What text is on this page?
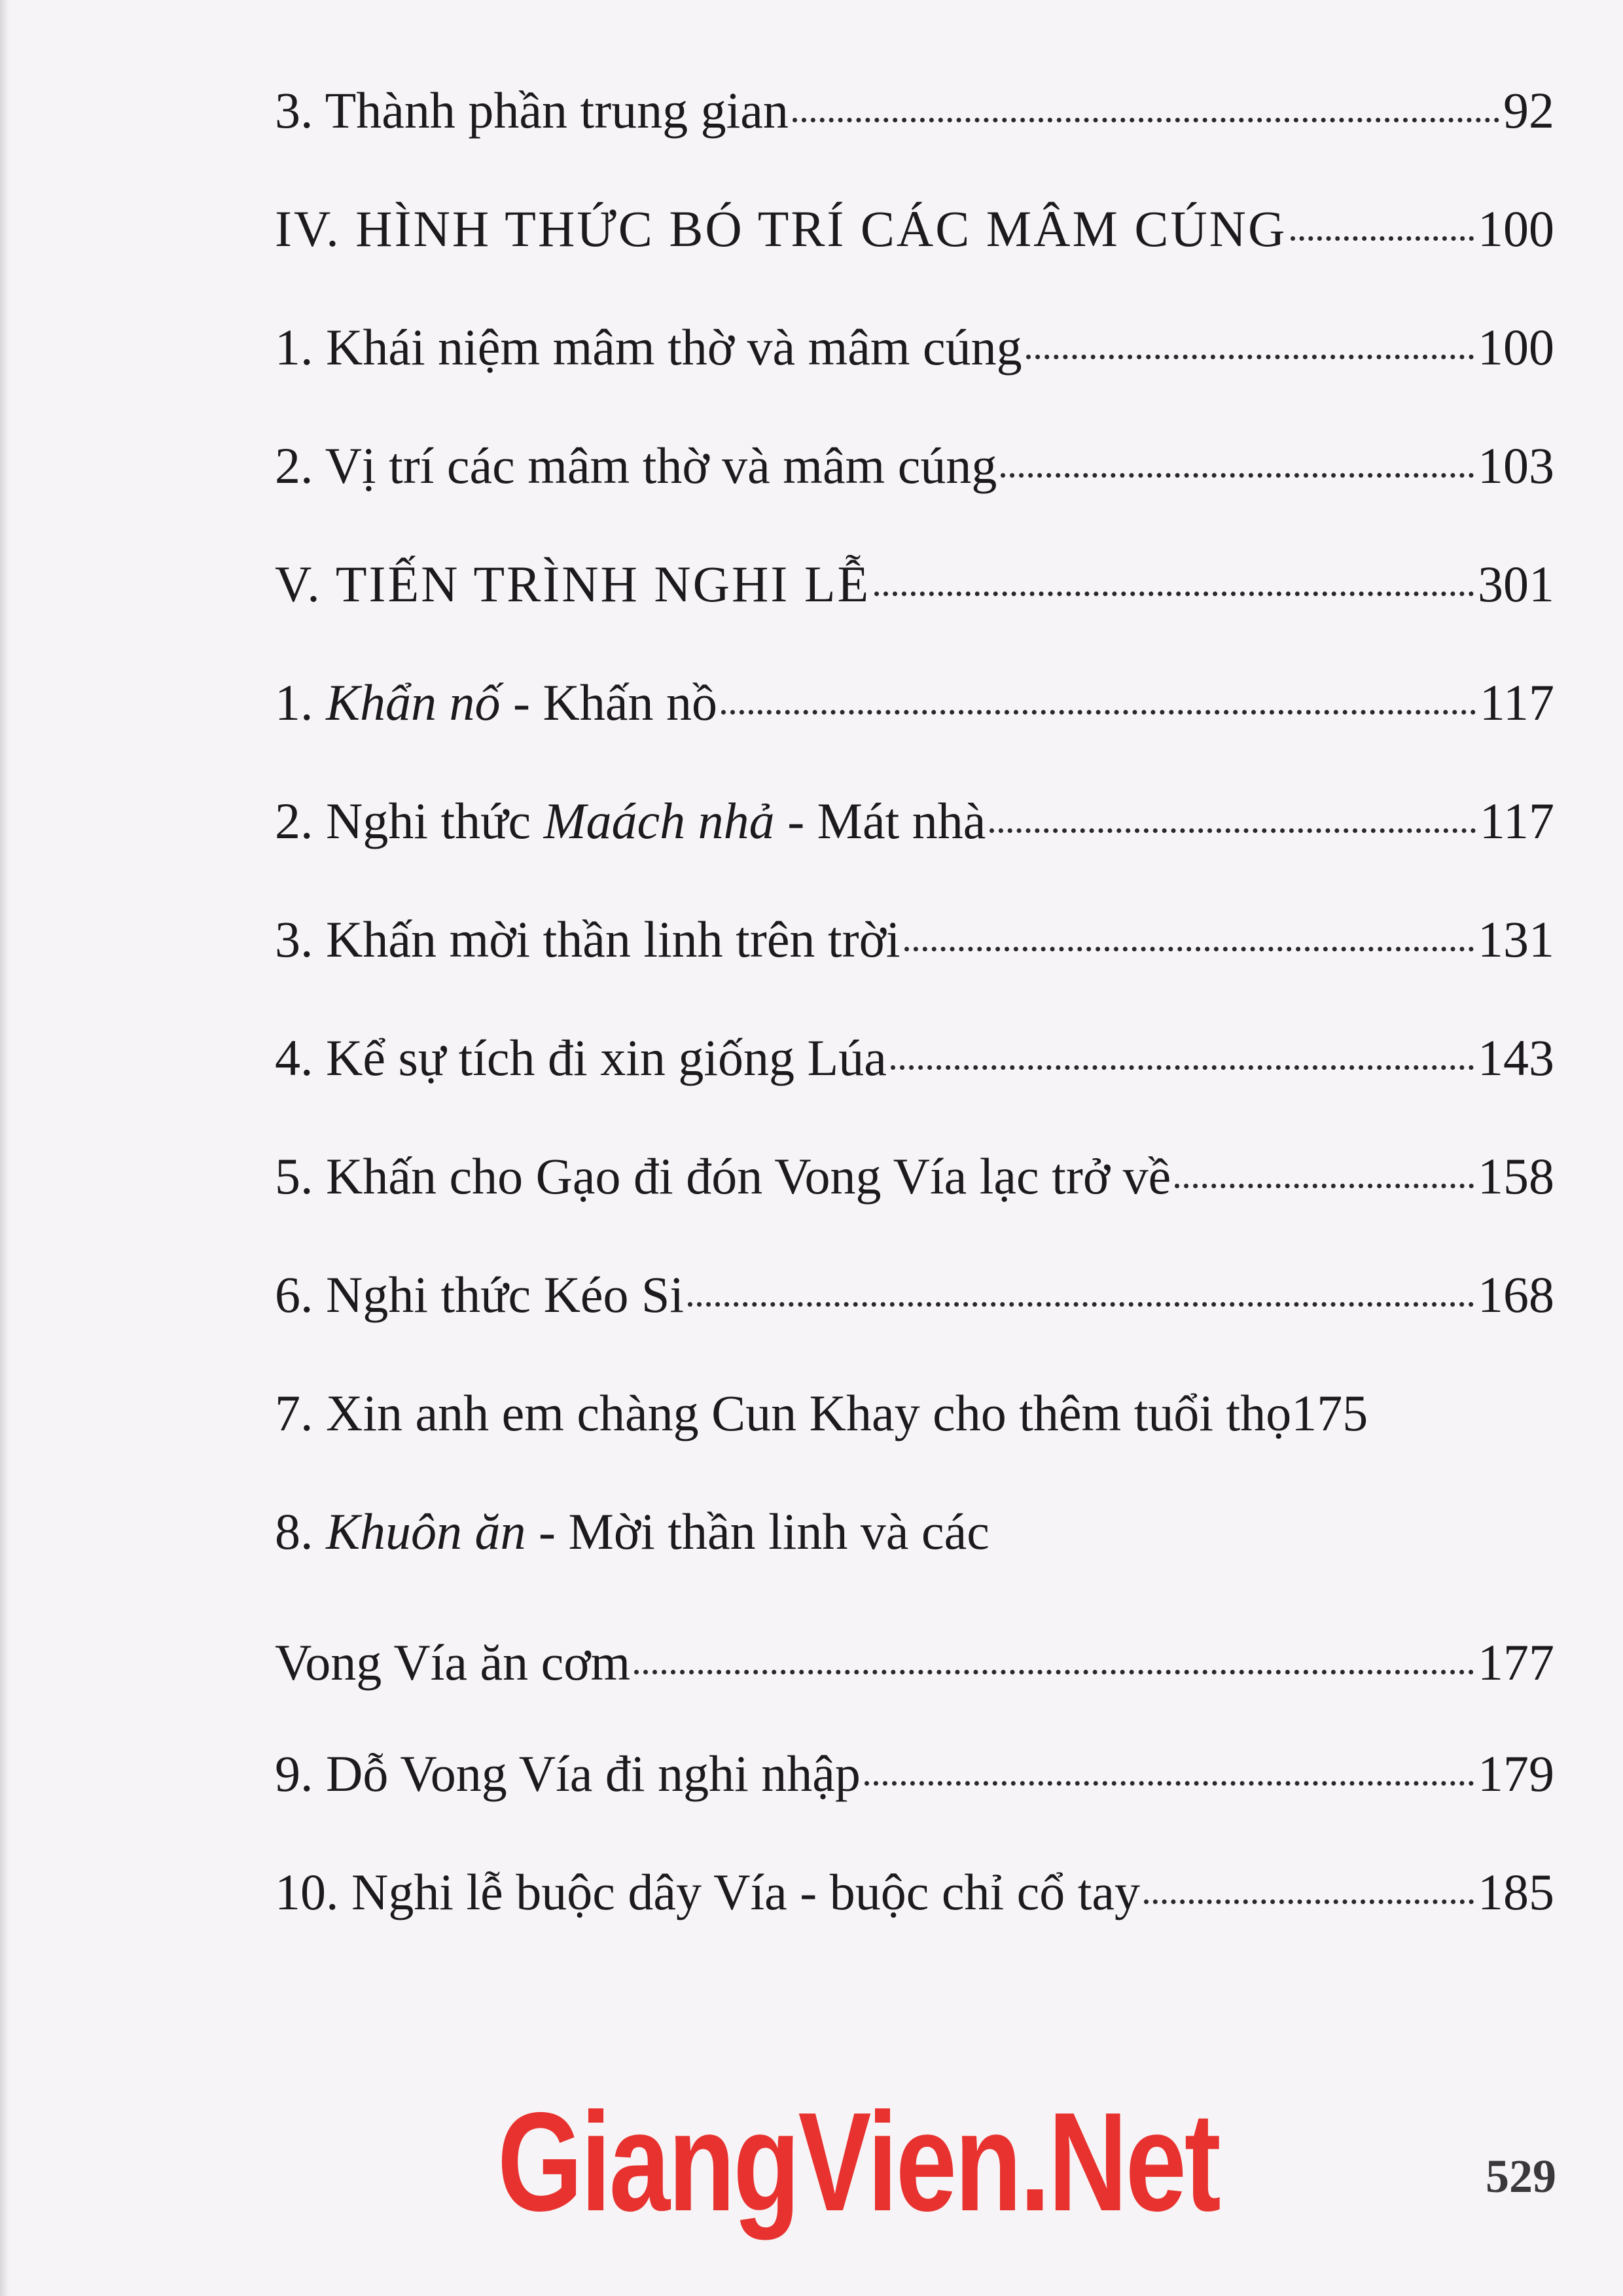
3. Thành phần trung gian	92
IV. HÌNH THỨC BÓ TRÍ CÁC MÂM CÚNG	100
1. Khái niệm mâm thờ và mâm cúng	100
2. Vị trí các mâm thờ và mâm cúng	103
V. TIẾN TRÌNH NGHI LỄ	301
1. Khẩn nố - Khấn nồ	117
2. Nghi thức Maách nhả - Mát nhà	117
3. Khấn mời thần linh trên trời	131
4. Kể sự tích đi xin giống Lúa	143
5. Khấn cho Gạo đi đón Vong Vía lạc trở về	158
6. Nghi thức Kéo Si	168
7. Xin anh em chàng Cun Khay cho thêm tuổi thọ 175
8. Khuôn ăn - Mời thần linh và các
Vong Vía ăn cơm	177
9. Dỗ Vong Vía đi nghi nhập	179
10. Nghi lễ buộc dây Vía - buộc chỉ cổ tay	185
GiangVien.Net	529
